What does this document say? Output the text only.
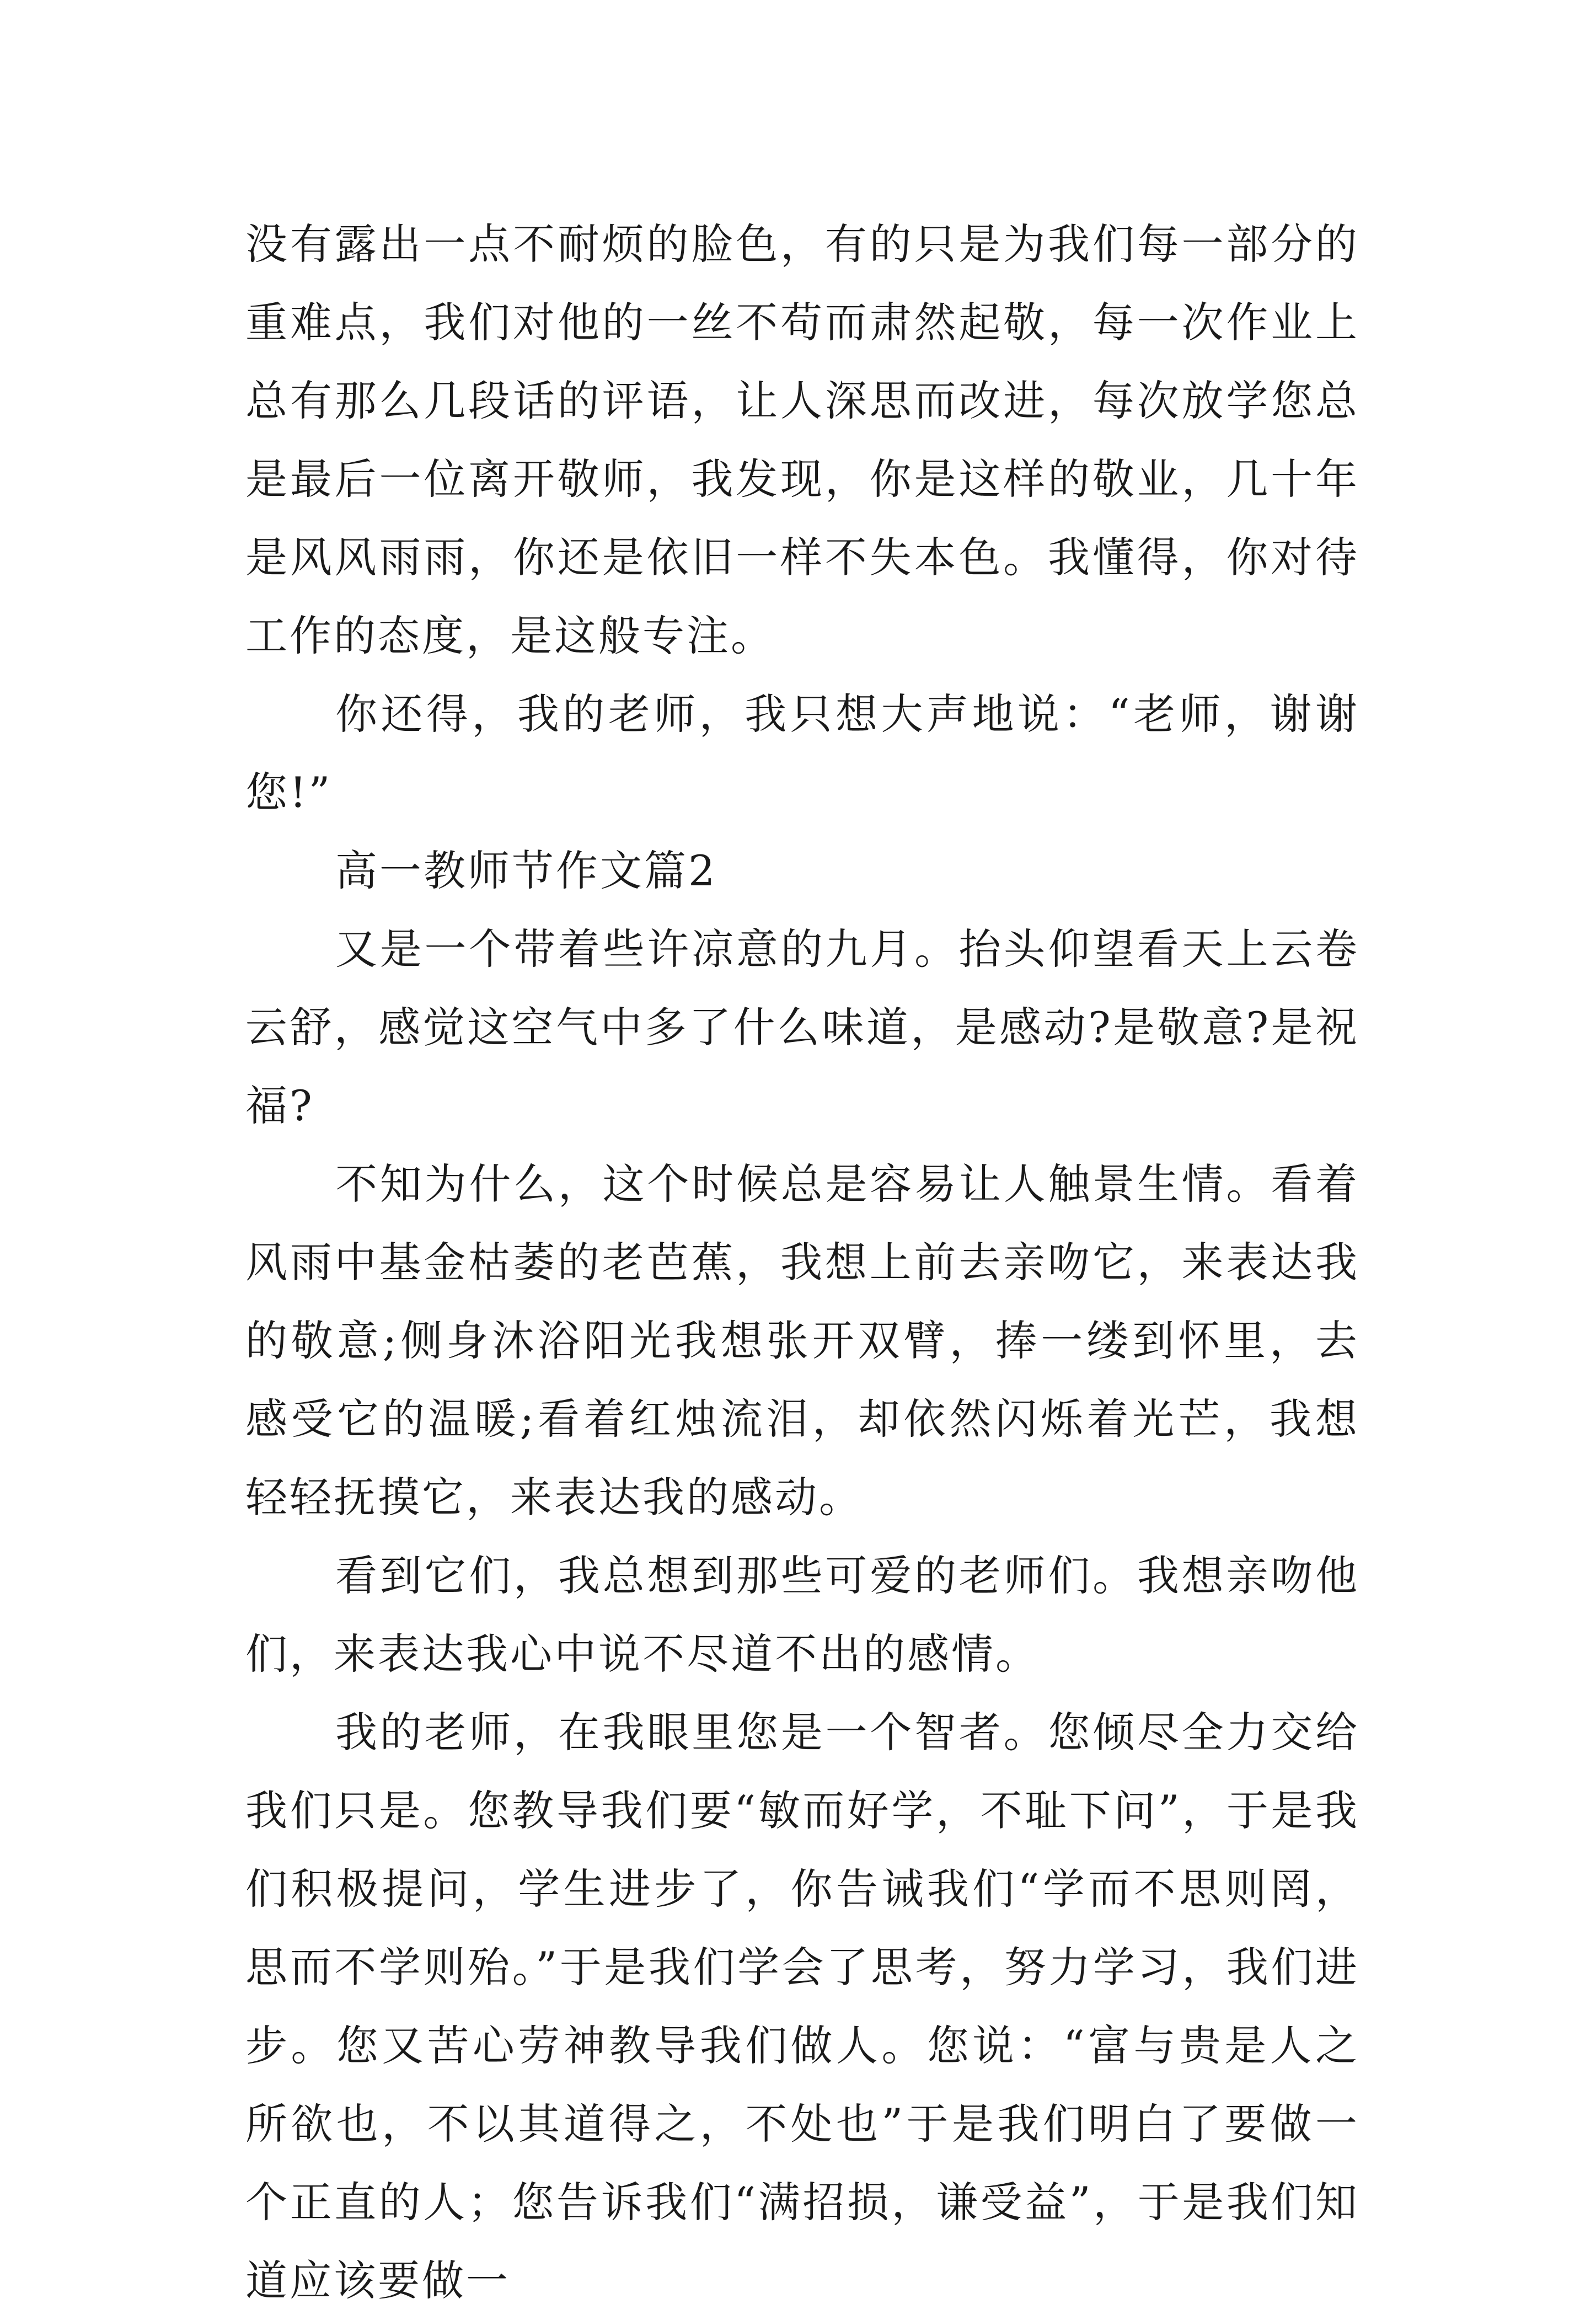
没有露出一点不耐烦的脸色，有的只是为我们每一部分的重难点，我们对他的一丝不苟而肃然起敬，每一次作业上总有那么几段话的评语，让人深思而改进，每次放学您总是最后一位离开敬师，我发现，你是这样的敬业，几十年是风风雨雨，你还是依旧一样不失本色。我懂得，你对待工作的态度，是这般专注。

你还得，我的老师，我只想大声地说：“老师，谢谢您!”

高一教师节作文篇2

又是一个带着些许凉意的九月。抬头仰望看天上云卷云舒，感觉这空气中多了什么味道，是感动?是敬意?是祝福?

不知为什么，这个时候总是容易让人触景生情。看着风雨中基金枯萎的老芭蕉，我想上前去亲吻它，来表达我的敬意;侧身沐浴阳光我想张开双臂，捧一缕到怀里，去感受它的温暖;看着红烛流泪，却依然闪烁着光芒，我想轻轻抚摸它，来表达我的感动。

看到它们，我总想到那些可爱的老师们。我想亲吻他们，来表达我心中说不尽道不出的感情。

我的老师，在我眼里您是一个智者。您倾尽全力交给我们只是。您教导我们要“敏而好学，不耻下问”，于是我们积极提问，学生进步了，你告诫我们“学而不思则罔，思而不学则殆。”于是我们学会了思考，努力学习，我们进步。您又苦心劳神教导我们做人。您说：“富与贵是人之所欲也，不以其道得之，不处也”于是我们明白了要做一个正直的人；您告诉我们“满招损，谦受益”，于是我们知道应该要做一
